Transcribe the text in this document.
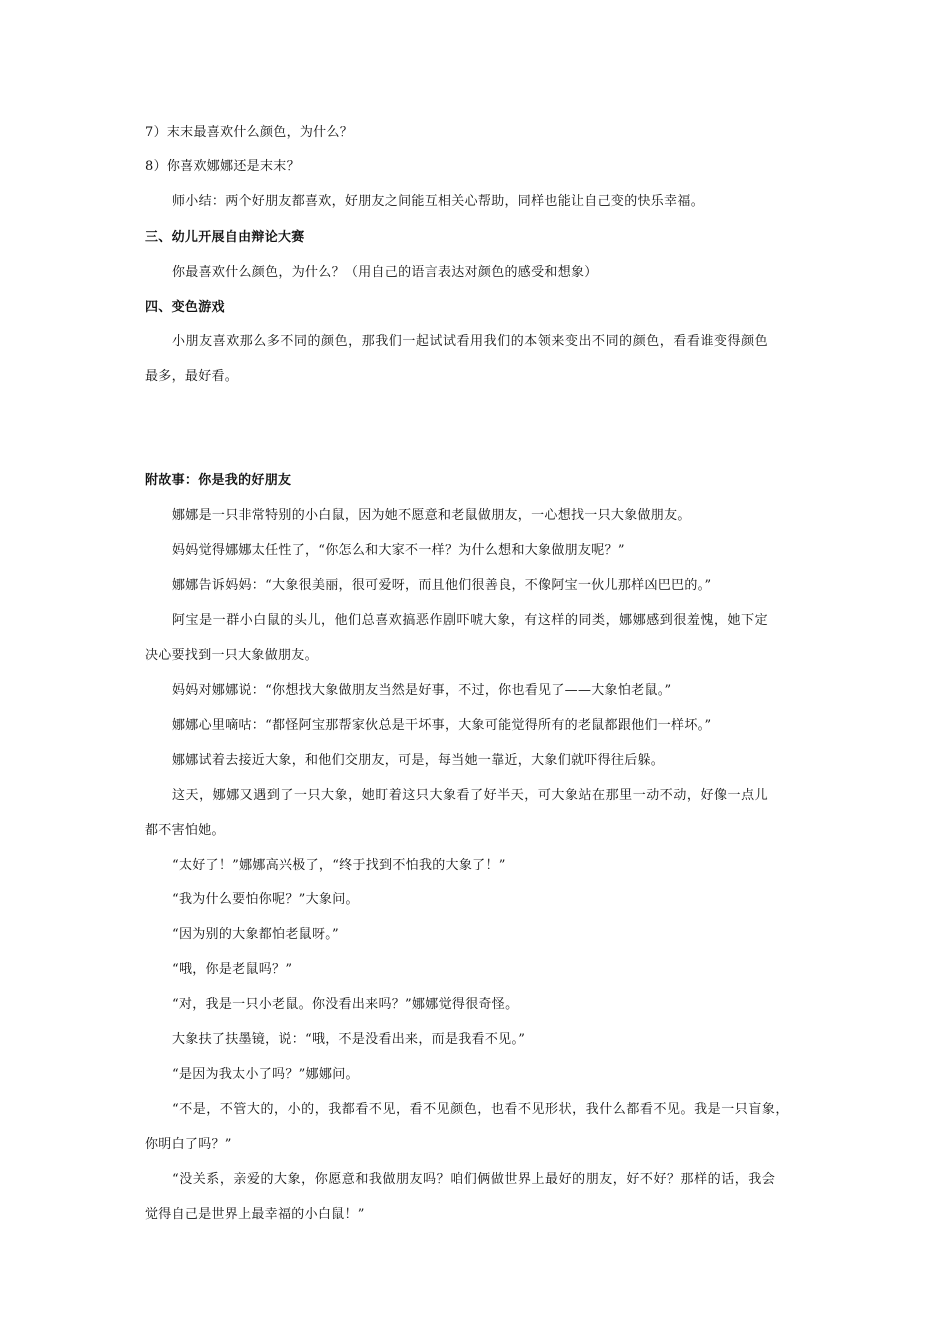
7）末末最喜欢什么颜色，为什么？
8）你喜欢娜娜还是末末？
师小结：两个好朋友都喜欢，好朋友之间能互相关心帮助，同样也能让自己变的快乐幸福。
三、幼儿开展自由辩论大赛
你最喜欢什么颜色，为什么？（用自己的语言表达对颜色的感受和想象）
四、变色游戏
小朋友喜欢那么多不同的颜色，那我们一起试试看用我们的本领来变出不同的颜色，看看谁变得颜色
最多，最好看。
附故事：你是我的好朋友
娜娜是一只非常特别的小白鼠，因为她不愿意和老鼠做朋友，一心想找一只大象做朋友。
妈妈觉得娜娜太任性了，“你怎么和大家不一样？为什么想和大象做朋友呢？”
娜娜告诉妈妈：“大象很美丽，很可爱呀，而且他们很善良，不像阿宝一伙儿那样凶巴巴的。”
阿宝是一群小白鼠的头儿，他们总喜欢搞恶作剧吓唬大象，有这样的同类，娜娜感到很羞愧，她下定
决心要找到一只大象做朋友。
妈妈对娜娜说：“你想找大象做朋友当然是好事，不过，你也看见了——大象怕老鼠。”
娜娜心里嘀咕：“都怪阿宝那帮家伙总是干坏事，大象可能觉得所有的老鼠都跟他们一样坏。”
娜娜试着去接近大象，和他们交朋友，可是，每当她一靠近，大象们就吓得往后躲。
这天，娜娜又遇到了一只大象，她盯着这只大象看了好半天，可大象站在那里一动不动，好像一点儿
都不害怕她。
“太好了！”娜娜高兴极了，“终于找到不怕我的大象了！”
“我为什么要怕你呢？”大象问。
“因为别的大象都怕老鼠呀。”
“哦，你是老鼠吗？”
“对，我是一只小老鼠。你没看出来吗？”娜娜觉得很奇怪。
大象扶了扶墨镜，说：“哦，不是没看出来，而是我看不见。”
“是因为我太小了吗？”娜娜问。
“不是，不管大的，小的，我都看不见，看不见颜色，也看不见形状，我什么都看不见。我是一只盲象，
你明白了吗？”
“没关系，亲爱的大象，你愿意和我做朋友吗？咱们俩做世界上最好的朋友，好不好？那样的话，我会
觉得自己是世界上最幸福的小白鼠！”
